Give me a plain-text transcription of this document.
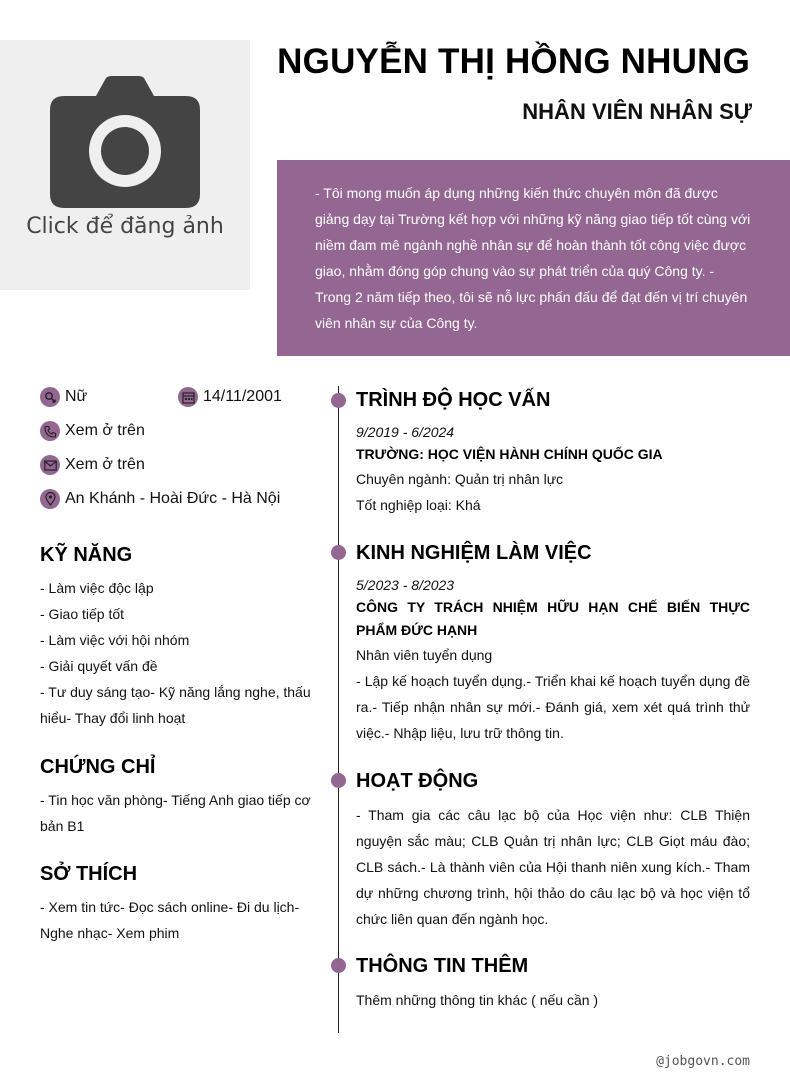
Click để đăng ảnh
NGUYỄN THỊ HỒNG NHUNG
NHÂN VIÊN NHÂN SỰ
- Tôi mong muốn áp dụng những kiến thức chuyên môn đã được giảng dạy tại Trường kết hợp với những kỹ năng giao tiếp tốt cùng với niềm đam mê ngành nghề nhân sự để hoàn thành tốt công việc được giao, nhằm đóng góp chung vào sự phát triển của quý Công ty. - Trong 2 năm tiếp theo, tôi sẽ nỗ lực phấn đấu để đạt đến vị trí chuyên viên nhân sự của Công ty.
Nữ	14/11/2001
Xem ở trên
Xem ở trên
An Khánh - Hoài Đức - Hà Nội
KỸ NĂNG
- Làm việc độc lập
- Giao tiếp tốt
- Làm việc với hội nhóm
- Giải quyết vấn đề
- Tư duy sáng tạo- Kỹ năng lắng nghe, thấu hiểu- Thay đổi linh hoạt
CHỨNG CHỈ
- Tin học văn phòng- Tiếng Anh giao tiếp cơ bản B1
SỞ THÍCH
- Xem tin tức- Đọc sách online- Đi du lịch- Nghe nhạc- Xem phim
TRÌNH ĐỘ HỌC VẤN
9/2019 - 6/2024
TRƯỜNG: HỌC VIỆN HÀNH CHÍNH QUỐC GIA
Chuyên ngành: Quản trị nhân lực
Tốt nghiệp loại: Khá
KINH NGHIỆM LÀM VIỆC
5/2023 - 8/2023
CÔNG TY TRÁCH NHIỆM HỮU HẠN CHẾ BIẾN THỰC PHẨM ĐỨC HẠNH
Nhân viên tuyển dụng
- Lập kế hoạch tuyển dụng.- Triển khai kế hoạch tuyển dụng đề ra.- Tiếp nhận nhân sự mới.- Đánh giá, xem xét quá trình thử việc.- Nhập liệu, lưu trữ thông tin.
HOẠT ĐỘNG
- Tham gia các câu lạc bộ của Học viện như: CLB Thiện nguyện sắc màu; CLB Quản trị nhân lực; CLB Giọt máu đào; CLB sách.- Là thành viên của Hội thanh niên xung kích.- Tham dự những chương trình, hội thảo do câu lạc bộ và học viện tổ chức liên quan đến ngành học.
THÔNG TIN THÊM
Thêm những thông tin khác ( nếu cần )
@jobgovn.com
